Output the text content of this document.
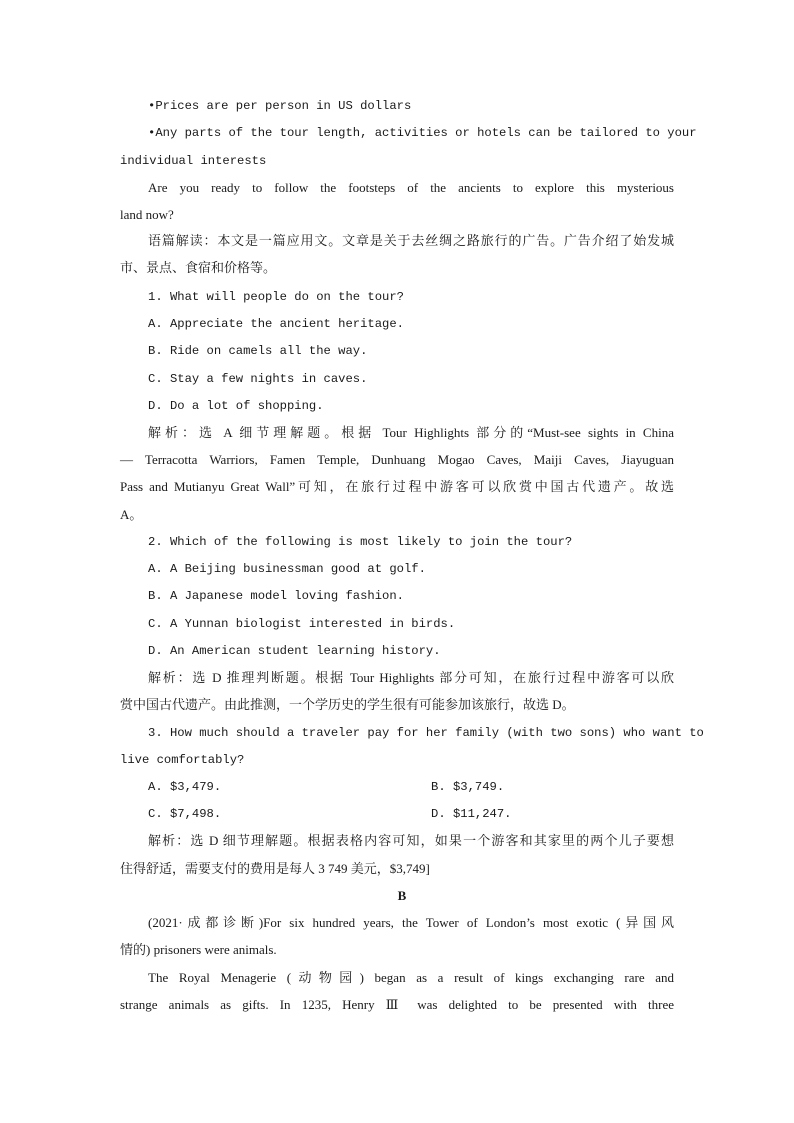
•Prices are per person in US dollars
•Any parts of the tour length, activities or hotels can be tailored to your
individual interests
Are you ready to follow the footsteps of the ancients to explore this mysterious
land now?
语篇解读：本文是一篇应用文。文章是关于去丝绸之路旅行的广告。广告介绍了始发城
市、景点、食宿和价格等。
1. What will people do on the tour?
A. Appreciate the ancient heritage.
B. Ride on camels all the way.
C. Stay a few nights in caves.
D. Do a lot of shopping.
解析：选 A 细节理解题。根据 Tour Highlights 部分的“Must-see sights in China
— Terracotta Warriors, Famen Temple, Dunhuang Mogao Caves, Maiji Caves, Jiayuguan
Pass and Mutianyu Great Wall”可知，在旅行过程中游客可以欣赏中国古代遗产。故选
A。
2. Which of the following is most likely to join the tour?
A. A Beijing businessman good at golf.
B. A Japanese model loving fashion.
C. A Yunnan biologist interested in birds.
D. An American student learning history.
解析：选 D 推理判断题。根据 Tour Highlights 部分可知，在旅行过程中游客可以欣
赏中国古代遗产。由此推测，一个学历史的学生很有可能参加该旅行，故选 D。
3. How much should a traveler pay for her family (with two sons) who want to
live comfortably?
A. $3,479.	B. $3,749.
C. $7,498.	D. $11,247.
解析：选 D 细节理解题。根据表格内容可知，如果一个游客和其家里的两个儿子要想
住得舒适，需要支付的费用是每人 3 749 美元，$3,749]
B
(2021·成都诊断)For six hundred years, the Tower of London’s most exotic (异国风
情的) prisoners were animals.
The Royal Menagerie (动物园) began as a result of kings exchanging rare and
strange animals as gifts. In 1235, Henry Ⅲ was delighted to be presented with three
